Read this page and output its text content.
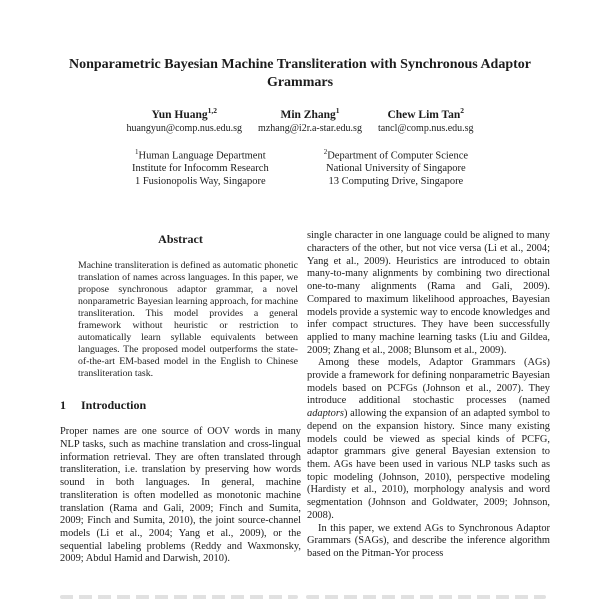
Nonparametric Bayesian Machine Transliteration with Synchronous Adaptor Grammars
Yun Huang$^{1,2}$
huangyun@comp.nus.edu.sg
Min Zhang$^1$
mzhang@i2r.a-star.edu.sg
Chew Lim Tan$^2$
tancl@comp.nus.edu.sg
$^1$Human Language Department
Institute for Infocomm Research
1 Fusionopolis Way, Singapore
$^2$Department of Computer Science
National University of Singapore
13 Computing Drive, Singapore
Abstract
Machine transliteration is defined as automatic phonetic translation of names across languages. In this paper, we propose synchronous adaptor grammar, a novel nonparametric Bayesian learning approach, for machine transliteration. This model provides a general framework without heuristic or restriction to automatically learn syllable equivalents between languages. The proposed model outperforms the state-of-the-art EM-based model in the English to Chinese transliteration task.
1 Introduction

Proper names are one source of OOV words in many NLP tasks, such as machine translation and cross-lingual information retrieval. They are often translated through transliteration, i.e. translation by preserving how words sound in both languages. In general, machine transliteration is often modelled as monotonic machine translation (Rama and Gali, 2009; Finch and Sumita, 2009; Finch and Sumita, 2010), the joint source-channel models (Li et al., 2004; Yang et al., 2009), or the sequential labeling problems (Reddy and Waxmonsky, 2009; Abdul Hamid and Darwish, 2010).

single character in one language could be aligned to many characters of the other, but not vice versa (Li et al., 2004; Yang et al., 2009). Heuristics are introduced to obtain many-to-many alignments by combining two directional one-to-many alignments (Rama and Gali, 2009). Compared to maximum likelihood approaches, Bayesian models provide a systemic way to encode knowledges and infer compact structures. They have been successfully applied to many machine learning tasks (Liu and Gildea, 2009; Zhang et al., 2008; Blunsom et al., 2009).

Among these models, Adaptor Grammars (AGs) provide a framework for defining nonparametric Bayesian models based on PCFGs (Johnson et al., 2007). They introduce additional stochastic processes (named adaptors) allowing the expansion of an adapted symbol to depend on the expansion history. Since many existing models could be viewed as special kinds of PCFG, adaptor grammars give general Bayesian extension to them. AGs have been used in various NLP tasks such as topic modeling (Johnson, 2010), perspective modeling (Hardisty et al., 2010), morphology analysis and word segmentation (Johnson and Goldwater, 2009; Johnson, 2008).

In this paper, we extend AGs to Synchronous Adaptor Grammars (SAGs), and describe the inference algorithm based on the Pitman-Yor process
